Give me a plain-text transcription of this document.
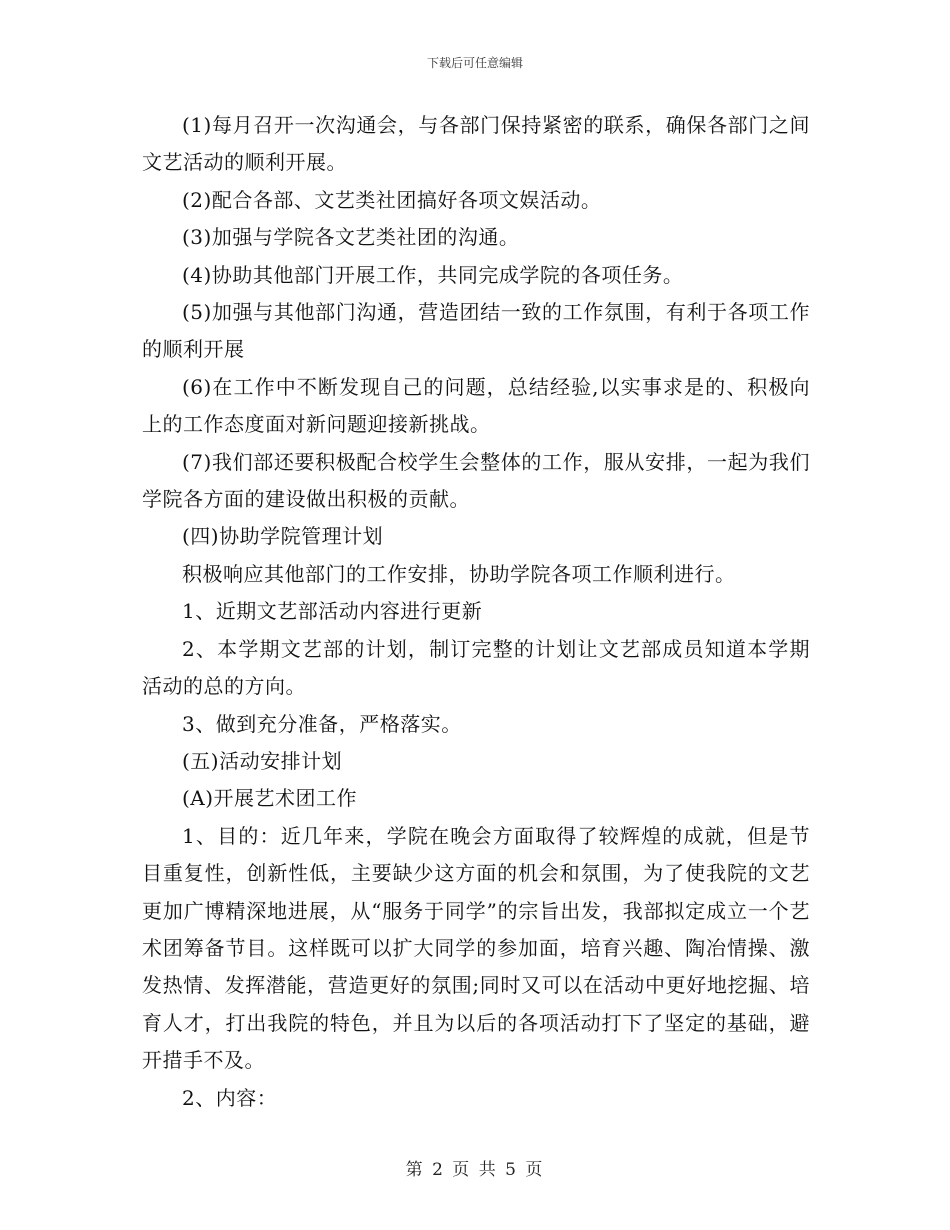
下载后可任意编辑

(1)每月召开一次沟通会，与各部门保持紧密的联系，确保各部门之间文艺活动的顺利开展。

(2)配合各部、文艺类社团搞好各项文娱活动。

(3)加强与学院各文艺类社团的沟通。

(4)协助其他部门开展工作，共同完成学院的各项任务。

(5)加强与其他部门沟通，营造团结一致的工作氛围，有利于各项工作的顺利开展

(6)在工作中不断发现自己的问题，总结经验,以实事求是的、积极向上的工作态度面对新问题迎接新挑战。

(7)我们部还要积极配合校学生会整体的工作，服从安排，一起为我们学院各方面的建设做出积极的贡献。

(四)协助学院管理计划

积极响应其他部门的工作安排，协助学院各项工作顺利进行。

1、近期文艺部活动内容进行更新

2、本学期文艺部的计划，制订完整的计划让文艺部成员知道本学期活动的总的方向。

3、做到充分准备，严格落实。

(五)活动安排计划

(A)开展艺术团工作

1、目的：近几年来，学院在晚会方面取得了较辉煌的成就，但是节目重复性，创新性低，主要缺少这方面的机会和氛围，为了使我院的文艺更加广博精深地进展，从“服务于同学”的宗旨出发，我部拟定成立一个艺术团筹备节目。这样既可以扩大同学的参加面，培育兴趣、陶冶情操、激发热情、发挥潜能，营造更好的氛围;同时又可以在活动中更好地挖掘、培育人才，打出我院的特色，并且为以后的各项活动打下了坚定的基础，避开措手不及。

2、内容：

第 2 页 共 5 页
